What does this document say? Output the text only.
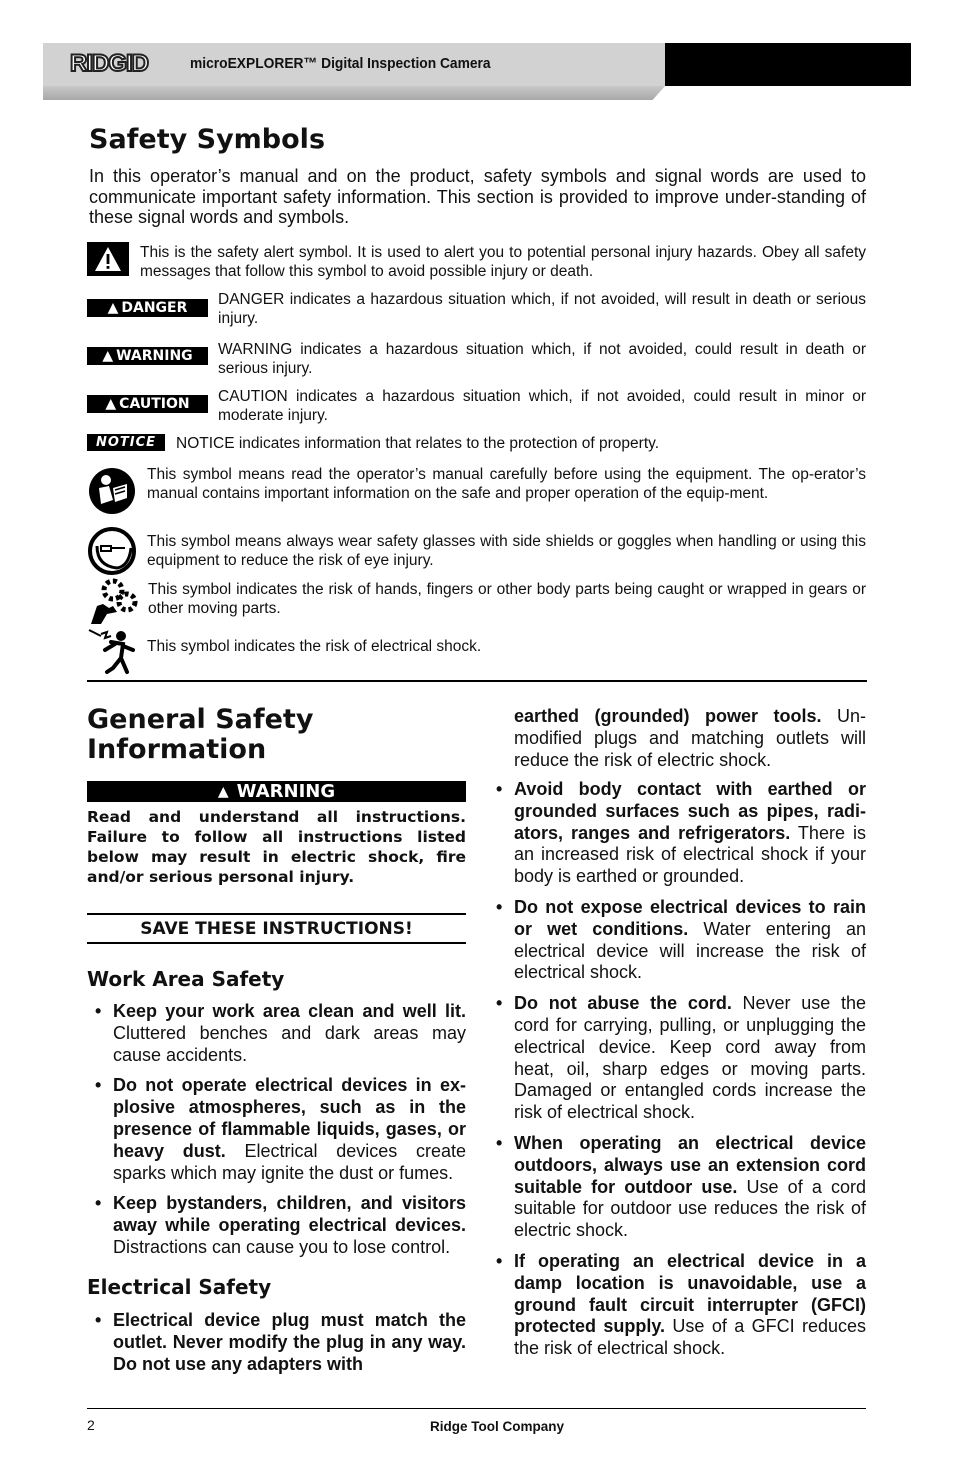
RIDGID	microEXPLORER™ Digital Inspection Camera
Safety Symbols

In this operator’s manual and on the product, safety symbols and signal words are used to communicate important safety information. This section is provided to improve under-standing of these signal words and symbols.

This is the safety alert symbol. It is used to alert you to potential personal injury hazards. Obey all safety messages that follow this symbol to avoid possible injury or death.

▲ DANGER DANGER indicates a hazardous situation which, if not avoided, will result in death or serious injury.

▲ WARNING WARNING indicates a hazardous situation which, if not avoided, could result in death or serious injury.

▲ CAUTION CAUTION indicates a hazardous situation which, if not avoided, could result in minor or moderate injury.

NOTICE	NOTICE indicates information that relates to the protection of property.

This symbol means read the operator’s manual carefully before using the equipment. The op-erator’s manual contains important information on the safe and proper operation of the equip-ment.

This symbol means always wear safety glasses with side shields or goggles when handling or using this equipment to reduce the risk of eye injury.

This symbol indicates the risk of hands, fingers or other body parts being caught or wrapped in gears or other moving parts.

This symbol indicates the risk of electrical shock.

General Safety
Information
▲ WARNING

Read and understand all instructions. Failure to follow all instructions listed below may result in electric shock, fire and/or serious personal injury.

SAVE THESE INSTRUCTIONS!
Work Area Safety
• Keep your work area clean and well lit. Cluttered benches and dark areas may cause accidents.
• Do not operate electrical devices in ex-plosive atmospheres, such as in the presence of flammable liquids, gases, or heavy dust. Electrical devices create sparks which may ignite the dust or fumes.
• Keep bystanders, children, and visitors away while operating electrical devices. Distractions can cause you to lose control.
Electrical Safety
• Electrical device plug must match the outlet. Never modify the plug in any way. Do not use any adapters with

earthed (grounded) power tools. Un-modified plugs and matching outlets will reduce the risk of electric shock.

• Avoid body contact with earthed or grounded surfaces such as pipes, radi-ators, ranges and refrigerators. There is an increased risk of electrical shock if your body is earthed or grounded.
• Do not expose electrical devices to rain or wet conditions. Water entering an electrical device will increase the risk of electrical shock.
• Do not abuse the cord. Never use the cord for carrying, pulling, or unplugging the electrical device. Keep cord away from heat, oil, sharp edges or moving parts. Damaged or entangled cords increase the risk of electrical shock.
• When operating an electrical device outdoors, always use an extension cord suitable for outdoor use. Use of a cord suitable for outdoor use reduces the risk of electric shock.
• If operating an electrical device in a damp location is unavoidable, use a ground fault circuit interrupter (GFCI) protected supply. Use of a GFCI reduces the risk of electrical shock.
2	Ridge Tool Company
